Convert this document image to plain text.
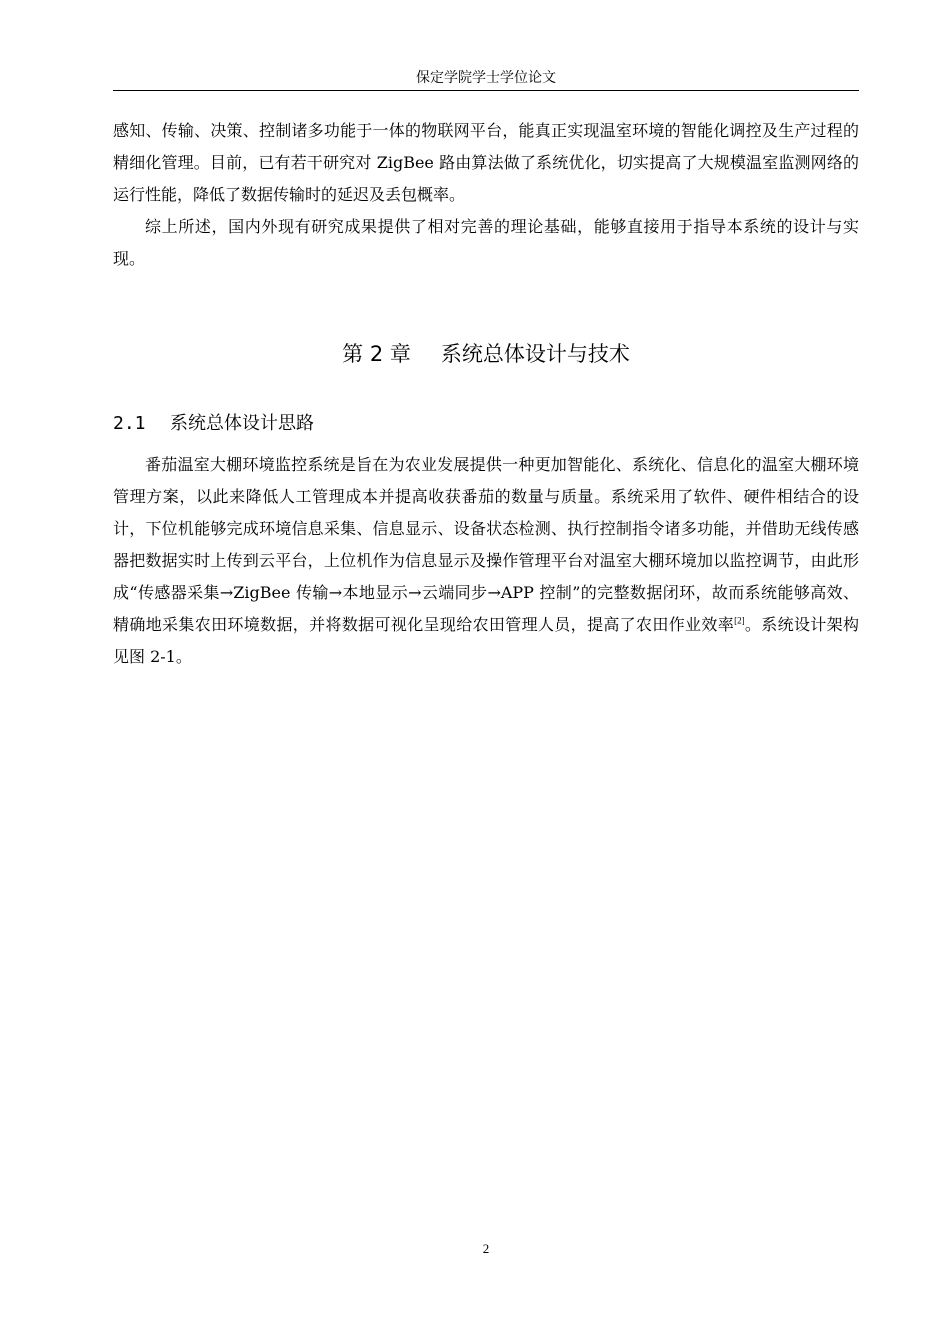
保定学院学士学位论文

感知、传输、决策、控制诸多功能于一体的物联网平台，能真正实现温室环境的智能化调控及生产过程的精细化管理。目前，已有若干研究对 ZigBee 路由算法做了系统优化，切实提高了大规模温室监测网络的运行性能，降低了数据传输时的延迟及丢包概率。

综上所述，国内外现有研究成果提供了相对完善的理论基础，能够直接用于指导本系统的设计与实现。

第 2 章 系统总体设计与技术
2.1 系统总体设计思路

番茄温室大棚环境监控系统是旨在为农业发展提供一种更加智能化、系统化、信息化的温室大棚环境管理方案，以此来降低人工管理成本并提高收获番茄的数量与质量。系统采用了软件、硬件相结合的设计，下位机能够完成环境信息采集、信息显示、设备状态检测、执行控制指令诸多功能，并借助无线传感器把数据实时上传到云平台，上位机作为信息显示及操作管理平台对温室大棚环境加以监控调节，由此形成“传感器采集→ZigBee 传输→本地显示→云端同步→APP 控制”的完整数据闭环，故而系统能够高效、精确地采集农田环境数据，并将数据可视化呈现给农田管理人员，提高了农田作业效率[2]。系统设计架构见图 2-1。

2
